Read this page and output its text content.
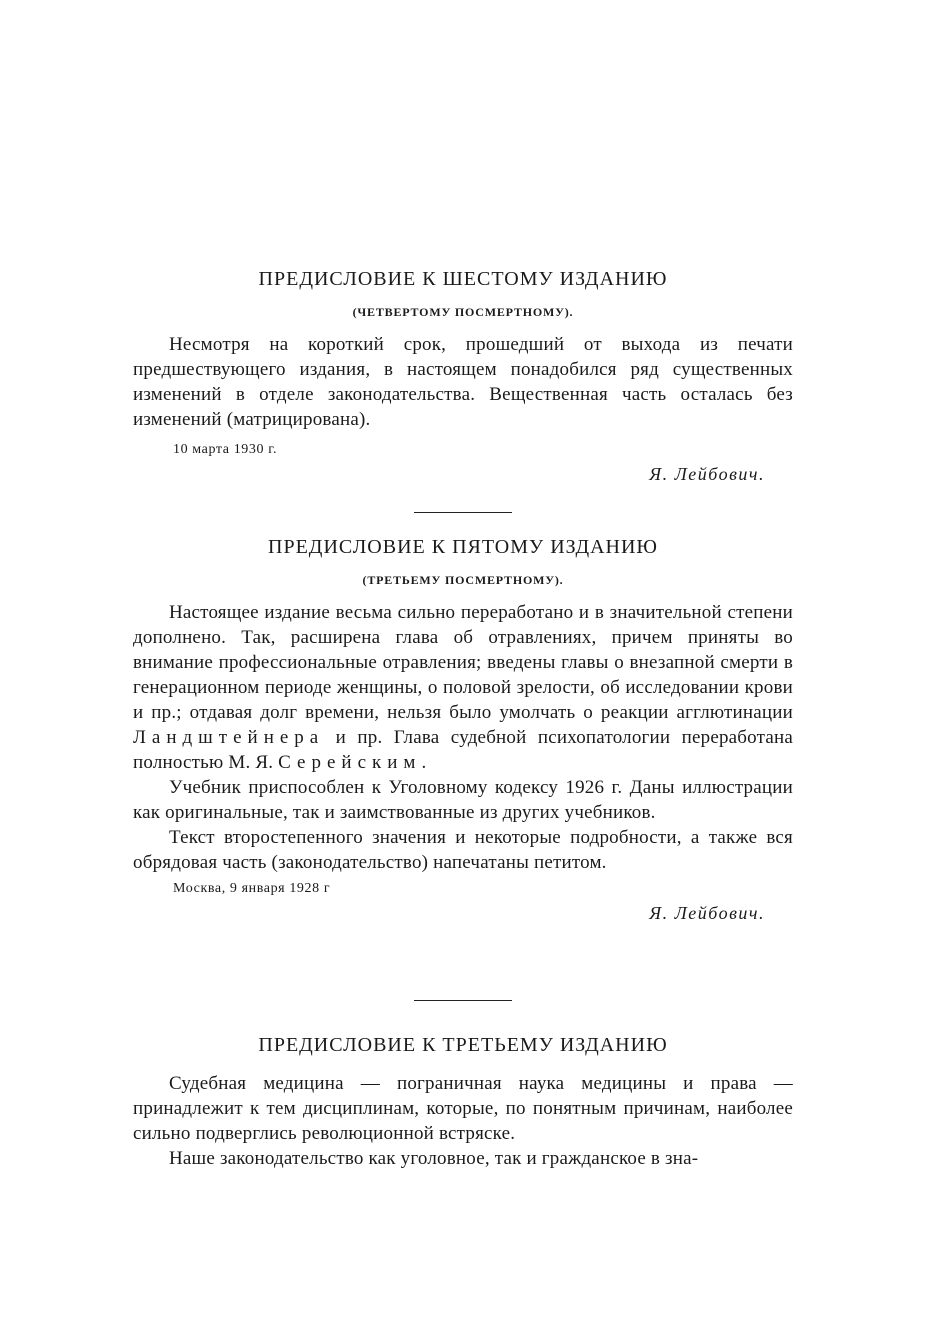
ПРЕДИСЛОВИЕ К ШЕСТОМУ ИЗДАНИЮ

(ЧЕТВЕРТОМУ ПОСМЕРТНОМУ).

Несмотря на короткий срок, прошедший от выхода из печати предшествующего издания, в настоящем понадобился ряд существенных изменений в отделе законодательства. Вещественная часть осталась без изменений (матрицирована).

10 марта 1930 г.

Я. Лейбович.

ПРЕДИСЛОВИЕ К ПЯТОМУ ИЗДАНИЮ

(ТРЕТЬЕМУ ПОСМЕРТНОМУ).

Настоящее издание весьма сильно переработано и в значительной степени дополнено. Так, расширена глава об отравлениях, причем приняты во внимание профессиональные отравления; введены главы о внезапной смерти в генерационном периоде женщины, о половой зрелости, об исследовании крови и пр.; отдавая долг времени, нельзя было умолчать о реакции агглютинации Ландштейнера и пр. Глава судебной психопатологии переработана полностью М. Я. Серейским.

Учебник приспособлен к Уголовному кодексу 1926 г. Даны иллюстрации как оригинальные, так и заимствованные из других учебников.

Текст второстепенного значения и некоторые подробности, а также вся обрядовая часть (законодательство) напечатаны петитом.

Москва, 9 января 1928 г

Я. Лейбович.

ПРЕДИСЛОВИЕ К ТРЕТЬЕМУ ИЗДАНИЮ

Судебная медицина — пограничная наука медицины и права — принадлежит к тем дисциплинам, которые, по понятным причинам, наиболее сильно подверглись революционной встряске.

Наше законодательство как уголовное, так и гражданское в зна-
